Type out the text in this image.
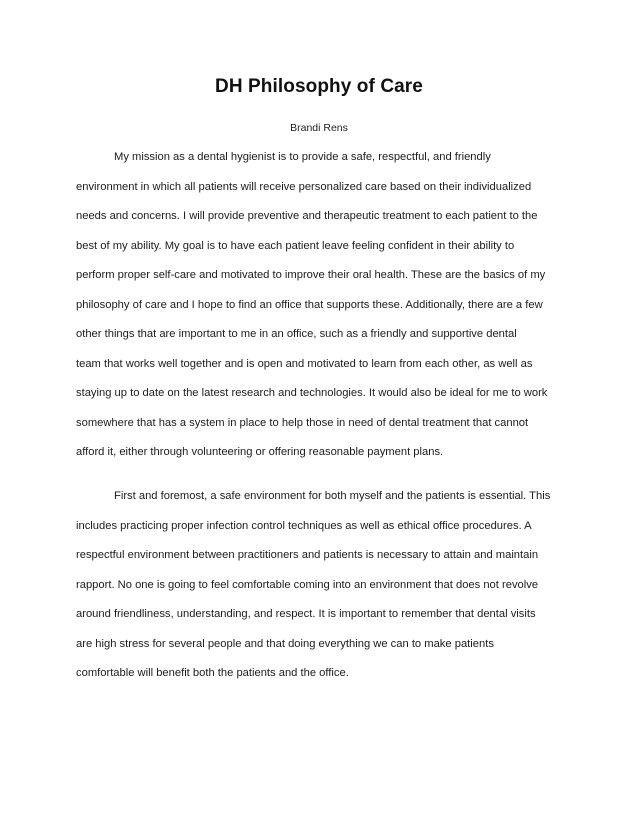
DH Philosophy of Care
Brandi Rens
My mission as a dental hygienist is to provide a safe, respectful, and friendly
environment in which all patients will receive personalized care based on their individualized
needs and concerns. I will provide preventive and therapeutic treatment to each patient to the
best of my ability. My goal is to have each patient leave feeling confident in their ability to
perform proper self-care and motivated to improve their oral health. These are the basics of my
philosophy of care and I hope to find an office that supports these. Additionally, there are a few
other things that are important to me in an office, such as a friendly and supportive dental
team that works well together and is open and motivated to learn from each other, as well as
staying up to date on the latest research and technologies. It would also be ideal for me to work
somewhere that has a system in place to help those in need of dental treatment that cannot
afford it, either through volunteering or offering reasonable payment plans.
First and foremost, a safe environment for both myself and the patients is essential. This
includes practicing proper infection control techniques as well as ethical office procedures. A
respectful environment between practitioners and patients is necessary to attain and maintain
rapport. No one is going to feel comfortable coming into an environment that does not revolve
around friendliness, understanding, and respect. It is important to remember that dental visits
are high stress for several people and that doing everything we can to make patients
comfortable will benefit both the patients and the office.
